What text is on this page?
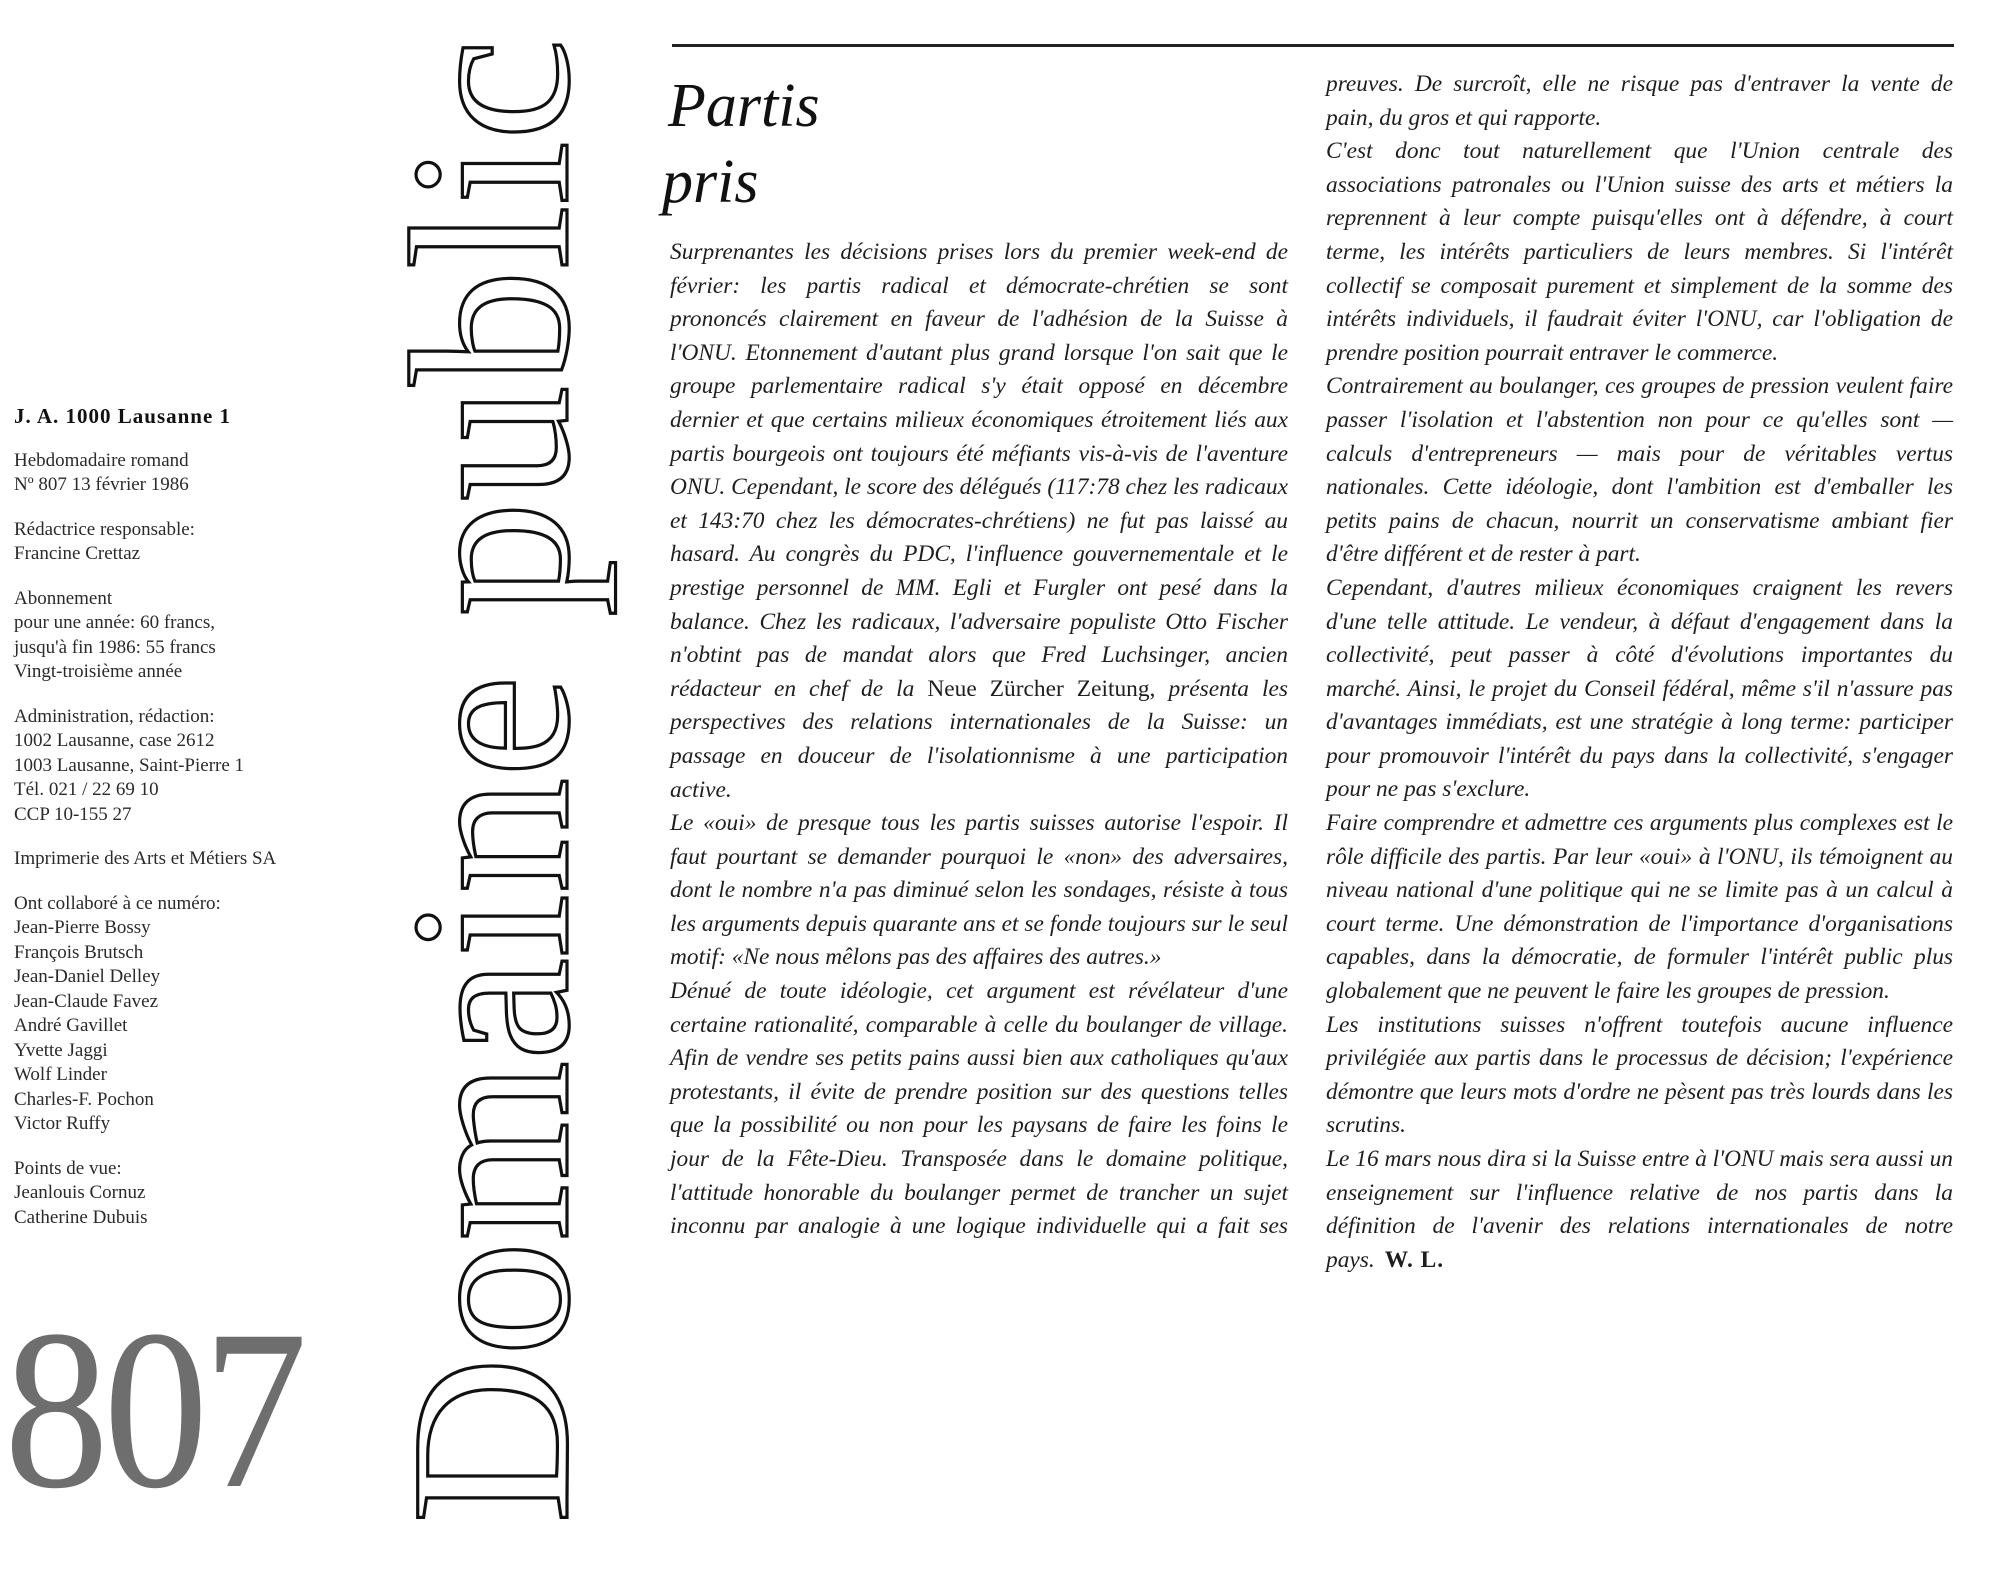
J. A. 1000 Lausanne 1
Hebdomadaire romand
Nº 807 13 février 1986
Rédactrice responsable:
Francine Crettaz
Abonnement
pour une année: 60 francs,
jusqu'à fin 1986: 55 francs
Vingt-troisième année
Administration, rédaction:
1002 Lausanne, case 2612
1003 Lausanne, Saint-Pierre 1
Tél. 021 / 22 69 10
CCP 10-155 27
Imprimerie des Arts et Métiers SA
Ont collaboré à ce numéro:
Jean-Pierre Bossy
François Brutsch
Jean-Daniel Delley
Jean-Claude Favez
André Gavillet
Yvette Jaggi
Wolf Linder
Charles-F. Pochon
Victor Ruffy
Points de vue:
Jeanlouis Cornuz
Catherine Dubuis
807 Domaine public Partis
pris

Surprenantes les décisions prises lors du premier week-end de février: les partis radical et démocrate-chrétien se sont prononcés clairement en faveur de l'adhésion de la Suisse à l'ONU. Etonnement d'autant plus grand lorsque l'on sait que le groupe parlementaire radical s'y était opposé en décembre dernier et que certains milieux économiques étroitement liés aux partis bourgeois ont toujours été méfiants vis-à-vis de l'aventure ONU. Cependant, le score des délégués (117:78 chez les radicaux et 143:70 chez les démocrates-chrétiens) ne fut pas laissé au hasard. Au congrès du PDC, l'influence gouvernementale et le prestige personnel de MM. Egli et Furgler ont pesé dans la balance. Chez les radicaux, l'adversaire populiste Otto Fischer n'obtint pas de mandat alors que Fred Luchsinger, ancien rédacteur en chef de la Neue Zürcher Zeitung, présenta les perspectives des relations internationales de la Suisse: un passage en douceur de l'isolationnisme à une participation active.

Le «oui» de presque tous les partis suisses autorise l'espoir. Il faut pourtant se demander pourquoi le «non» des adversaires, dont le nombre n'a pas diminué selon les sondages, résiste à tous les arguments depuis quarante ans et se fonde toujours sur le seul motif: «Ne nous mêlons pas des affaires des autres.»

Dénué de toute idéologie, cet argument est révélateur d'une certaine rationalité, comparable à celle du boulanger de village. Afin de vendre ses petits pains aussi bien aux catholiques qu'aux protestants, il évite de prendre position sur des questions telles que la possibilité ou non pour les paysans de faire les foins le jour de la Fête-Dieu. Transposée dans le domaine politique, l'attitude honorable du boulanger permet de trancher un sujet inconnu par analogie à une logique individuelle qui a fait ses

preuves. De surcroît, elle ne risque pas d'entraver la vente de pain, du gros et qui rapporte.

C'est donc tout naturellement que l'Union centrale des associations patronales ou l'Union suisse des arts et métiers la reprennent à leur compte puisqu'elles ont à défendre, à court terme, les intérêts particuliers de leurs membres. Si l'intérêt collectif se composait purement et simplement de la somme des intérêts individuels, il faudrait éviter l'ONU, car l'obligation de prendre position pourrait entraver le commerce.

Contrairement au boulanger, ces groupes de pression veulent faire passer l'isolation et l'abstention non pour ce qu'elles sont — calculs d'entrepreneurs — mais pour de véritables vertus nationales. Cette idéologie, dont l'ambition est d'emballer les petits pains de chacun, nourrit un conservatisme ambiant fier d'être différent et de rester à part.

Cependant, d'autres milieux économiques craignent les revers d'une telle attitude. Le vendeur, à défaut d'engagement dans la collectivité, peut passer à côté d'évolutions importantes du marché. Ainsi, le projet du Conseil fédéral, même s'il n'assure pas d'avantages immédiats, est une stratégie à long terme: participer pour promouvoir l'intérêt du pays dans la collectivité, s'engager pour ne pas s'exclure.

Faire comprendre et admettre ces arguments plus complexes est le rôle difficile des partis. Par leur «oui» à l'ONU, ils témoignent au niveau national d'une politique qui ne se limite pas à un calcul à court terme. Une démonstration de l'importance d'organisations capables, dans la démocratie, de formuler l'intérêt public plus globalement que ne peuvent le faire les groupes de pression.

Les institutions suisses n'offrent toutefois aucune influence privilégiée aux partis dans le processus de décision; l'expérience démontre que leurs mots d'ordre ne pèsent pas très lourds dans les scrutins.

Le 16 mars nous dira si la Suisse entre à l'ONU mais sera aussi un enseignement sur l'influence relative de nos partis dans la définition de l'avenir des relations internationales de notre pays. W. L.
